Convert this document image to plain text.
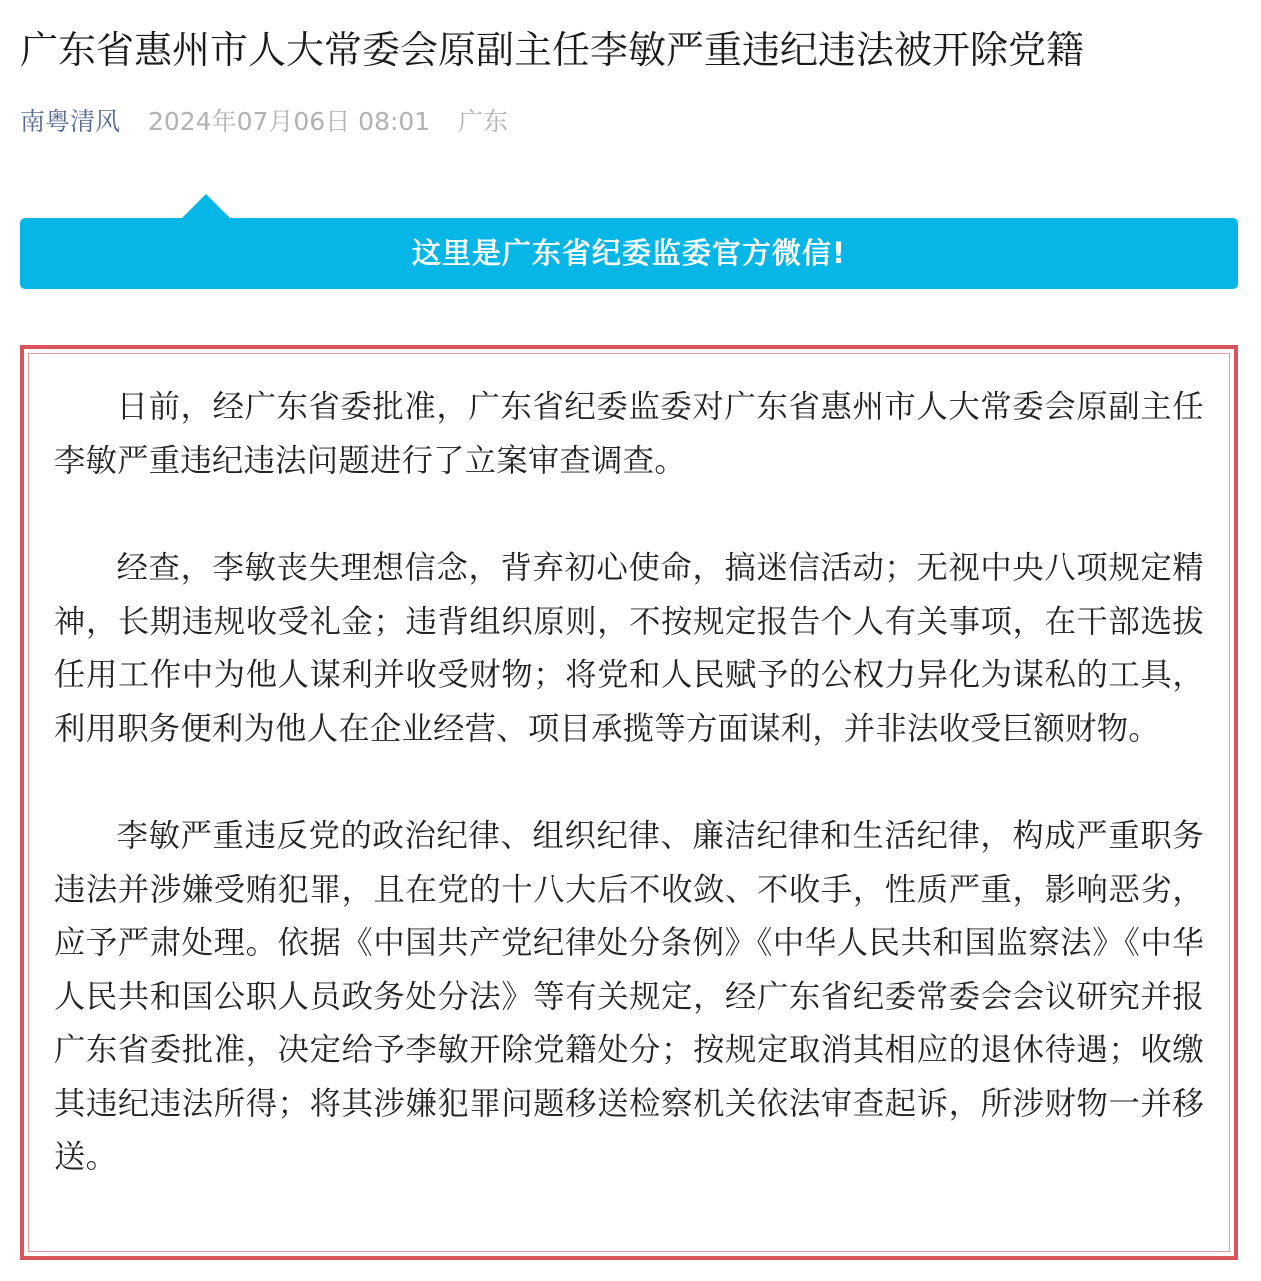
广东省惠州市人大常委会原副主任李敏严重违纪违法被开除党籍
南粤清风 2024年07月06日 08:01 广东
这里是广东省纪委监委官方微信!

日前，经广东省委批准，广东省纪委监委对广东省惠州市人大常委会原副主任李敏严重违纪违法问题进行了立案审查调查。

经查，李敏丧失理想信念，背弃初心使命，搞迷信活动；无视中央八项规定精神，长期违规收受礼金；违背组织原则，不按规定报告个人有关事项，在干部选拔任用工作中为他人谋利并收受财物；将党和人民赋予的公权力异化为谋私的工具，利用职务便利为他人在企业经营、项目承揽等方面谋利，并非法收受巨额财物。

李敏严重违反党的政治纪律、组织纪律、廉洁纪律和生活纪律，构成严重职务违法并涉嫌受贿犯罪，且在党的十八大后不收敛、不收手，性质严重，影响恶劣，应予严肃处理。依据《中国共产党纪律处分条例》《中华人民共和国监察法》《中华人民共和国公职人员政务处分法》等有关规定，经广东省纪委常委会会议研究并报广东省委批准，决定给予李敏开除党籍处分；按规定取消其相应的退休待遇；收缴其违纪违法所得；将其涉嫌犯罪问题移送检察机关依法审查起诉，所涉财物一并移送。
